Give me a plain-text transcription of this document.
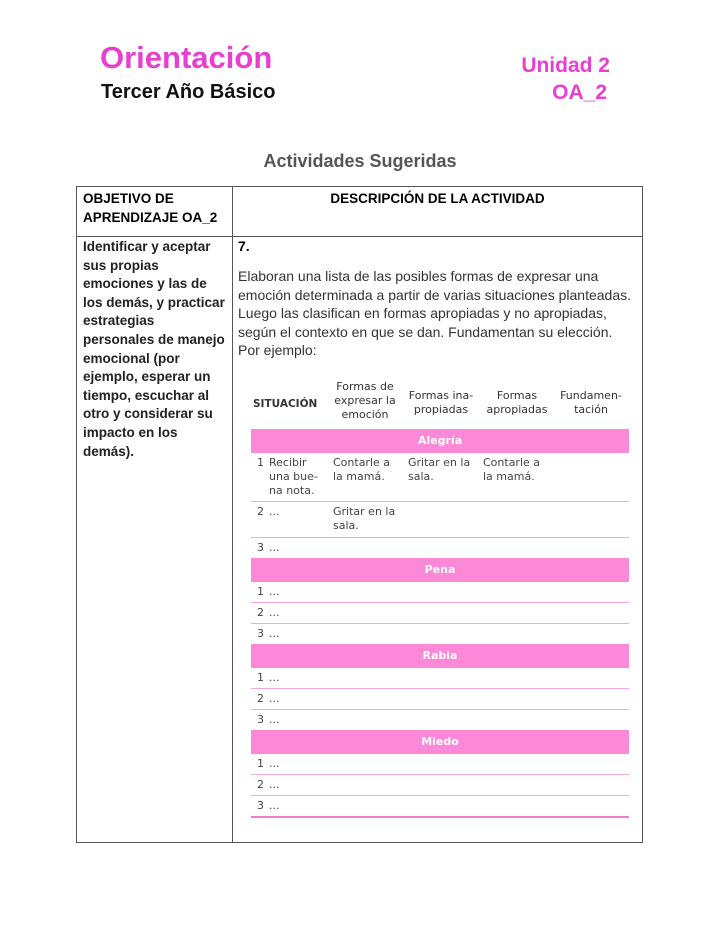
Orientación
Tercer Año Básico
Unidad 2
OA_2
Actividades Sugeridas
OBJETIVO DE APRENDIZAJE OA_2
DESCRIPCIÓN DE LA ACTIVIDAD
Identificar y aceptar sus propias emociones y las de los demás, y practicar estrategias personales de manejo emocional (por ejemplo, esperar un tiempo, escuchar al otro y considerar su impacto en los demás).
7.
Elaboran una lista de las posibles formas de expresar una emoción determinada a partir de varias situaciones planteadas. Luego las clasifican en formas apropiadas y no apropiadas, según el contexto en que se dan. Fundamentan su elección. Por ejemplo:
SITUACIÓN
Formas de expresar la emoción
Formas ina-propiadas
Formas apropiadas
Fundamen-tación
Alegría
1 Recibir una bue-na nota.
Contarle a la mamá.
Gritar en la sala.
Contarle a la mamá.
2 ...	Gritar en la sala.
3 ...
Pena
1 ...
2 ...
3 ...
Rabia
1 ...
2 ...
3 ...
Miedo
1 ...
2 ...
3 ...
